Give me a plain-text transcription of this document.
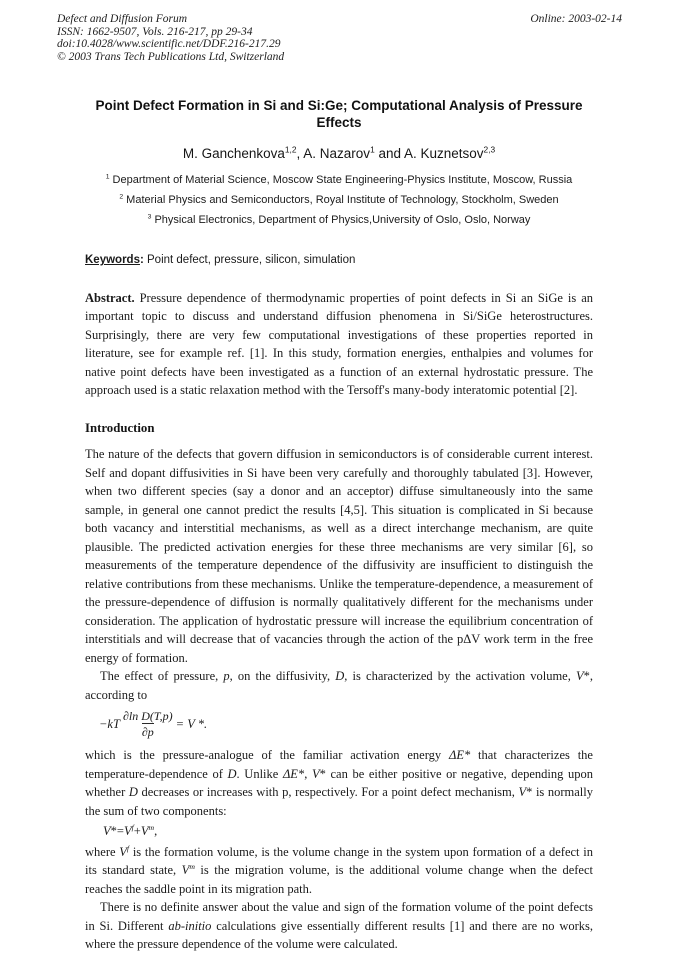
Defect and Diffusion Forum
ISSN: 1662-9507, Vols. 216-217, pp 29-34
doi:10.4028/www.scientific.net/DDF.216-217.29
© 2003 Trans Tech Publications Ltd, Switzerland
Online: 2003-02-14
Point Defect Formation in Si and Si:Ge; Computational Analysis of Pressure Effects
M. Ganchenkova$^{1,2}$, A. Nazarov$^1$ and A. Kuznetsov$^{2,3}$
$^1$ Department of Material Science, Moscow State Engineering-Physics Institute, Moscow, Russia
$^2$ Material Physics and Semiconductors, Royal Institute of Technology, Stockholm, Sweden
$^3$ Physical Electronics, Department of Physics,University of Oslo, Oslo, Norway
Keywords: Point defect, pressure, silicon, simulation

Abstract. Pressure dependence of thermodynamic properties of point defects in Si an SiGe is an important topic to discuss and understand diffusion phenomena in Si/SiGe heterostructures. Surprisingly, there are very few computational investigations of these properties reported in literature, see for example ref. [1]. In this study, formation energies, enthalpies and volumes for native point defects have been investigated as a function of an external hydrostatic pressure. The approach used is a static relaxation method with the Tersoff's many-body interatomic potential [2].

Introduction

The nature of the defects that govern diffusion in semiconductors is of considerable current interest. Self and dopant diffusivities in Si have been very carefully and thoroughly tabulated [3]. However, when two different species (say a donor and an acceptor) diffuse simultaneously into the same sample, in general one cannot predict the results [4,5]. This situation is complicated in Si because both vacancy and interstitial mechanisms, as well as a direct interchange mechanism, are quite plausible. The predicted activation energies for these three mechanisms are very similar [6], so measurements of the temperature dependence of the diffusivity are insufficient to distinguish the relative contributions from these mechanisms. Unlike the temperature-dependence, a measurement of the pressure-dependence of diffusion is normally qualitatively different for the mechanisms under consideration. The application of hydrostatic pressure will increase the equilibrium concentration of interstitials and will decrease that of vacancies through the action of the pΔV work term in the free energy of formation.

The effect of pressure, p, on the diffusivity, D, is characterized by the activation volume, V*, according to

$-kT \frac{\text{∂ln D(T,p)}}{\partial p} = V$ *.

which is the pressure-analogue of the familiar activation energy ΔE* that characterizes the temperature-dependence of D. Unlike ΔE*, V* can be either positive or negative, depending upon whether D decreases or increases with p, respectively. For a point defect mechanism, V* is normally the sum of two components:

$V*=V^f+V^m$,

where $V^f$ is the formation volume, is the volume change in the system upon formation of a defect in its standard state, $V^m$ is the migration volume, is the additional volume change when the defect reaches the saddle point in its migration path.

There is no definite answer about the value and sign of the formation volume of the point defects in Si. Different ab-initio calculations give essentially different results [1] and there are no works, where the pressure dependence of the volume were calculated.
